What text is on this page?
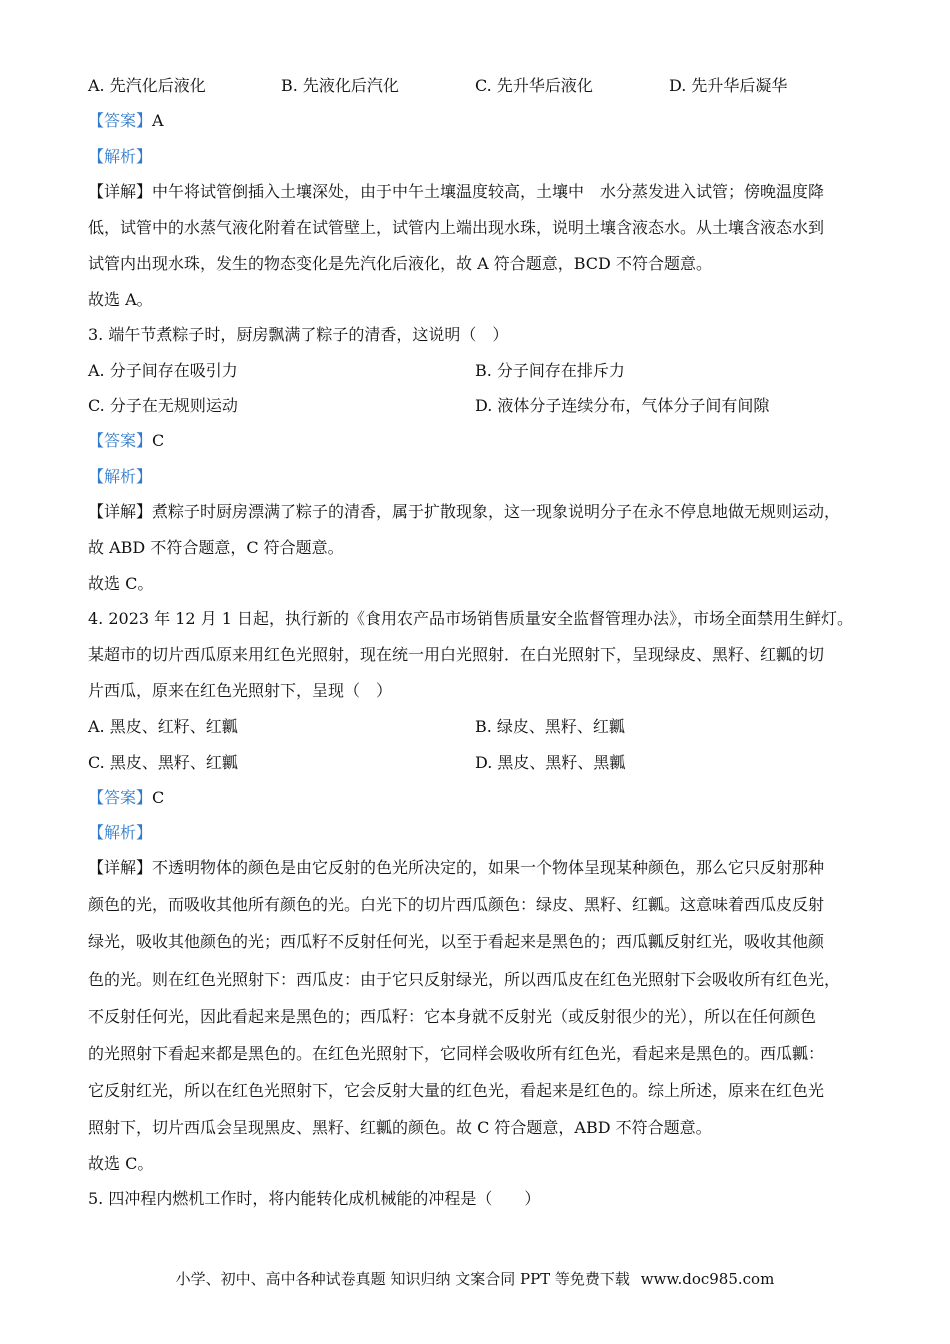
A. 先汽化后液化	B. 先液化后汽化	C. 先升华后液化	D. 先升华后凝华
【答案】A
【解析】
【详解】中午将试管倒插入土壤深处，由于中午土壤温度较高，土壤中　水分蒸发进入试管；傍晚温度降
低，试管中的水蒸气液化附着在试管壁上，试管内上端出现水珠，说明土壤含液态水。从土壤含液态水到
试管内出现水珠，发生的物态变化是先汽化后液化，故 A 符合题意，BCD 不符合题意。
故选 A。
3. 端午节煮粽子时，厨房飘满了粽子的清香，这说明（　）
A. 分子间存在吸引力	B. 分子间存在排斥力
C. 分子在无规则运动	D. 液体分子连续分布，气体分子间有间隙
【答案】C
【解析】
【详解】煮粽子时厨房漂满了粽子的清香，属于扩散现象，这一现象说明分子在永不停息地做无规则运动，
故 ABD 不符合题意，C 符合题意。
故选 C。
4. 2023 年 12 月 1 日起，执行新的《食用农产品市场销售质量安全监督管理办法》，市场全面禁用生鲜灯。
某超市的切片西瓜原来用红色光照射，现在统一用白光照射．在白光照射下，呈现绿皮、黑籽、红瓤的切
片西瓜，原来在红色光照射下，呈现（　）
A. 黑皮、红籽、红瓤	B. 绿皮、黑籽、红瓤
C. 黑皮、黑籽、红瓤	D. 黑皮、黑籽、黑瓤
【答案】C
【解析】
【详解】不透明物体的颜色是由它反射的色光所决定的，如果一个物体呈现某种颜色，那么它只反射那种
颜色的光，而吸收其他所有颜色的光。白光下的切片西瓜颜色：绿皮、黑籽、红瓤。这意味着西瓜皮反射
绿光，吸收其他颜色的光；西瓜籽不反射任何光，以至于看起来是黑色的；西瓜瓤反射红光，吸收其他颜
色的光。则在红色光照射下：西瓜皮：由于它只反射绿光，所以西瓜皮在红色光照射下会吸收所有红色光，
不反射任何光，因此看起来是黑色的；西瓜籽：它本身就不反射光（或反射很少的光），所以在任何颜色
的光照射下看起来都是黑色的。在红色光照射下，它同样会吸收所有红色光，看起来是黑色的。西瓜瓤：
它反射红光，所以在红色光照射下，它会反射大量的红色光，看起来是红色的。综上所述，原来在红色光
照射下，切片西瓜会呈现黑皮、黑籽、红瓤的颜色。故 C 符合题意，ABD 不符合题意。
故选 C。
5. 四冲程内燃机工作时，将内能转化成机械能的冲程是（　　）
小学、初中、高中各种试卷真题 知识归纳 文案合同 PPT 等免费下载 www.doc985.com
